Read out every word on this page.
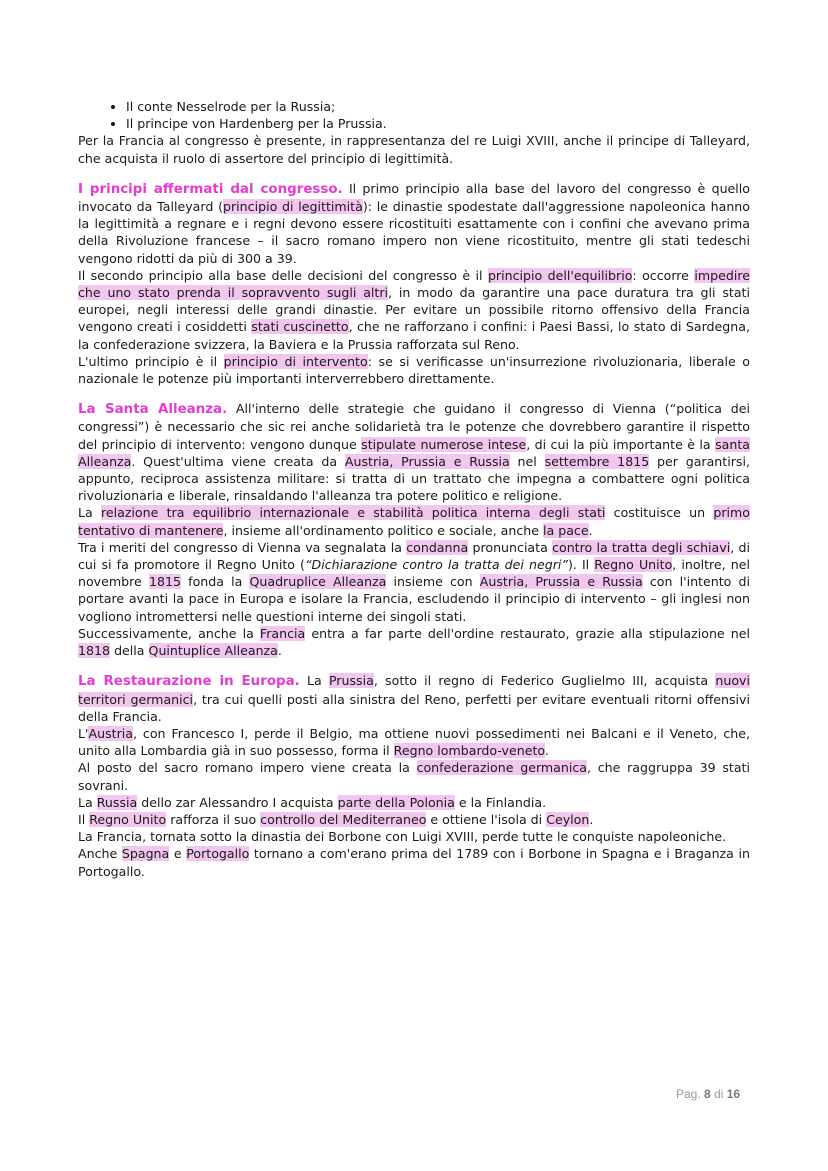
• Il conte Nesselrode per la Russia;
• Il principe von Hardenberg per la Prussia.

Per la Francia al congresso è presente, in rappresentanza del re Luigi XVIII, anche il principe di Talleyard, che acquista il ruolo di assertore del principio di legittimità.

I principi affermati dal congresso. Il primo principio alla base del lavoro del congresso è quello invocato da Talleyard (principio di legittimità): le dinastie spodestate dall'aggressione napoleonica hanno la legittimità a regnare e i regni devono essere ricostituiti esattamente con i confini che avevano prima della Rivoluzione francese – il sacro romano impero non viene ricostituito, mentre gli stati tedeschi vengono ridotti da più di 300 a 39.

Il secondo principio alla base delle decisioni del congresso è il principio dell'equilibrio: occorre impedire che uno stato prenda il sopravvento sugli altri, in modo da garantire una pace duratura tra gli stati europei, negli interessi delle grandi dinastie. Per evitare un possibile ritorno offensivo della Francia vengono creati i cosiddetti stati cuscinetto, che ne rafforzano i confini: i Paesi Bassi, lo stato di Sardegna, la confederazione svizzera, la Baviera e la Prussia rafforzata sul Reno.

L'ultimo principio è il principio di intervento: se si verificasse un'insurrezione rivoluzionaria, liberale o nazionale le potenze più importanti interverrebbero direttamente.

La Santa Alleanza. All'interno delle strategie che guidano il congresso di Vienna (“politica dei congressi”) è necessario che sic rei anche solidarietà tra le potenze che dovrebbero garantire il rispetto del principio di intervento: vengono dunque stipulate numerose intese, di cui la più importante è la santa Alleanza. Quest'ultima viene creata da Austria, Prussia e Russia nel settembre 1815 per garantirsi, appunto, reciproca assistenza militare: si tratta di un trattato che impegna a combattere ogni politica rivoluzionaria e liberale, rinsaldando l'alleanza tra potere politico e religione.

La relazione tra equilibrio internazionale e stabilità politica interna degli stati costituisce un primo tentativo di mantenere, insieme all'ordinamento politico e sociale, anche la pace.

Tra i meriti del congresso di Vienna va segnalata la condanna pronunciata contro la tratta degli schiavi, di cui si fa promotore il Regno Unito (“Dichiarazione contro la tratta dei negri”). Il Regno Unito, inoltre, nel novembre 1815 fonda la Quadruplice Alleanza insieme con Austria, Prussia e Russia con l'intento di portare avanti la pace in Europa e isolare la Francia, escludendo il principio di intervento – gli inglesi non vogliono intromettersi nelle questioni interne dei singoli stati.

Successivamente, anche la Francia entra a far parte dell'ordine restaurato, grazie alla stipulazione nel 1818 della Quintuplice Alleanza.

La Restaurazione in Europa. La Prussia, sotto il regno di Federico Guglielmo III, acquista nuovi territori germanici, tra cui quelli posti alla sinistra del Reno, perfetti per evitare eventuali ritorni offensivi della Francia.

L'Austria, con Francesco I, perde il Belgio, ma ottiene nuovi possedimenti nei Balcani e il Veneto, che, unito alla Lombardia già in suo possesso, forma il Regno lombardo-veneto.

Al posto del sacro romano impero viene creata la confederazione germanica, che raggruppa 39 stati sovrani.

La Russia dello zar Alessandro I acquista parte della Polonia e la Finlandia.

Il Regno Unito rafforza il suo controllo del Mediterraneo e ottiene l'isola di Ceylon.

La Francia, tornata sotto la dinastia dei Borbone con Luigi XVIII, perde tutte le conquiste napoleoniche.

Anche Spagna e Portogallo tornano a com'erano prima del 1789 con i Borbone in Spagna e i Braganza in Portogallo.

Pag. 8 di 16
